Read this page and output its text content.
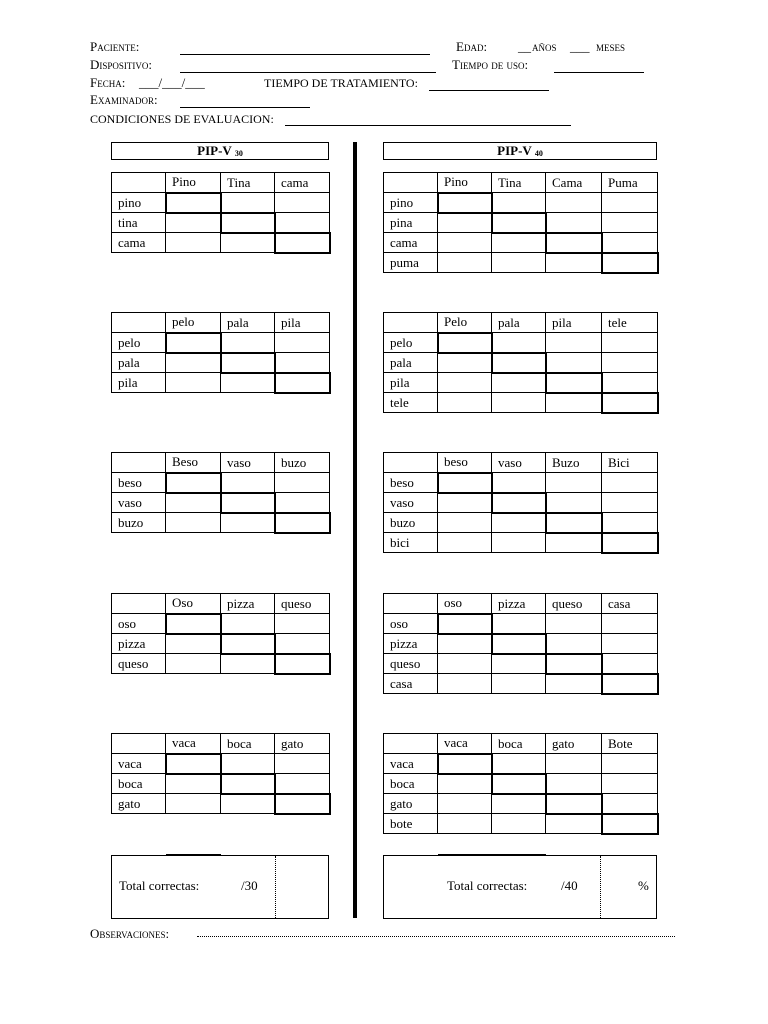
Paciente:	Edad: __ años ___ meses
Dispositivo:	Tiempo de uso:
Fecha: ___/___/___	TIEMPO DE TRATAMIENTO:
Examinador:
CONDICIONES DE EVALUACION:
PIP-V $_{30}$	PIP-V $_{40}$
	Pino	Tina	cama
pino			
tina			
cama			
	pelo	pala	pila
pelo			
pala			
pila			
	Beso	vaso	buzo
beso			
vaso			
buzo			
	Oso	pizza	queso
oso			
pizza			
queso			
	vaca	boca	gato
vaca			
boca			
gato			
	Pino	Tina	Cama	Puma
pino				
pina				
cama				
puma				
	Pelo	pala	pila	tele
pelo				
pala				
pila				
tele				
	beso	vaso	Buzo	Bici
beso				
vaso				
buzo				
bici				
	oso	pizza	queso	casa
oso				
pizza				
queso				
casa				
	vaca	boca	gato	Bote
vaca				
boca				
gato				
bote				
Total correctas:	/30	Total correctas:	/40	%
Observaciones:
